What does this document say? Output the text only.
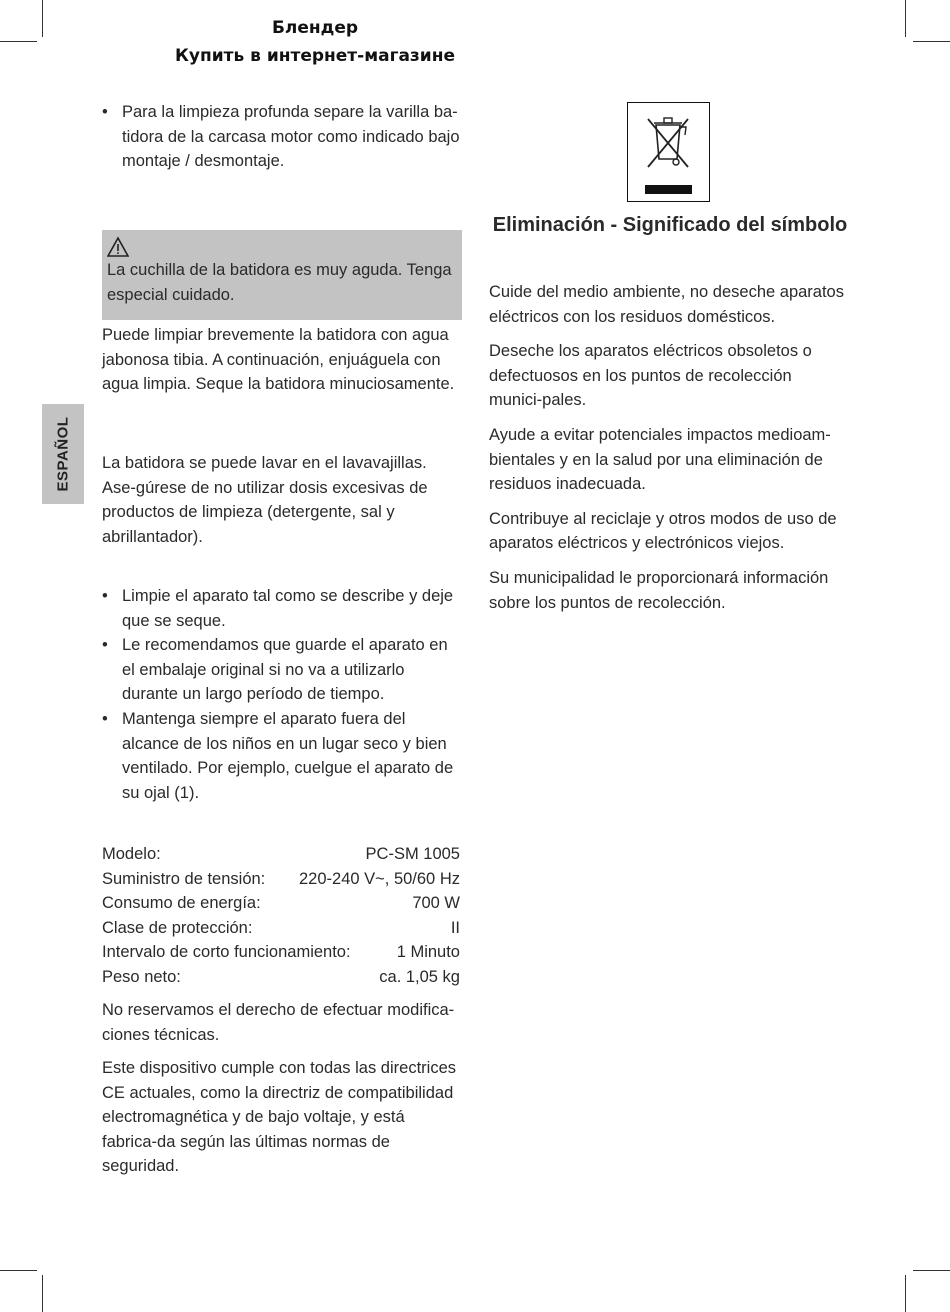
Блендер
Купить в интернет-магазине
ESPAÑOL
• Para la limpieza profunda separe la varilla ba-tidora de la carcasa motor como indicado bajo montaje / desmontaje.

La cuchilla de la batidora es muy aguda. Tenga especial cuidado.

Puede limpiar brevemente la batidora con agua jabonosa tibia. A continuación, enjuáguela con agua limpia. Seque la batidora minuciosamente.

La batidora se puede lavar en el lavavajillas. Ase-gúrese de no utilizar dosis excesivas de productos de limpieza (detergente, sal y abrillantador).

• Limpie el aparato tal como se describe y deje que se seque.
• Le recomendamos que guarde el aparato en el embalaje original si no va a utilizarlo durante un largo período de tiempo.
• Mantenga siempre el aparato fuera del alcance de los niños en un lugar seco y bien ventilado. Por ejemplo, cuelgue el aparato de su ojal (1).
Modelo:	PC-SM 1005
Suministro de tensión: 220-240 V~, 50/60 Hz
Consumo de energía:	700 W
Clase de protección:	II
Intervalo de corto funcionamiento:	1 Minuto
Peso neto:	ca. 1,05 kg

No reservamos el derecho de efectuar modifica-ciones técnicas.

Este dispositivo cumple con todas las directrices CE actuales, como la directriz de compatibilidad electromagnética y de bajo voltaje, y está fabrica-da según las últimas normas de seguridad.

Eliminación - Significado del símbolo

Cuide del medio ambiente, no deseche aparatos eléctricos con los residuos domésticos.

Deseche los aparatos eléctricos obsoletos o defectuosos en los puntos de recolección munici-pales.

Ayude a evitar potenciales impactos medioam-bientales y en la salud por una eliminación de residuos inadecuada.

Contribuye al reciclaje y otros modos de uso de aparatos eléctricos y electrónicos viejos.

Su municipalidad le proporcionará información sobre los puntos de recolección.
